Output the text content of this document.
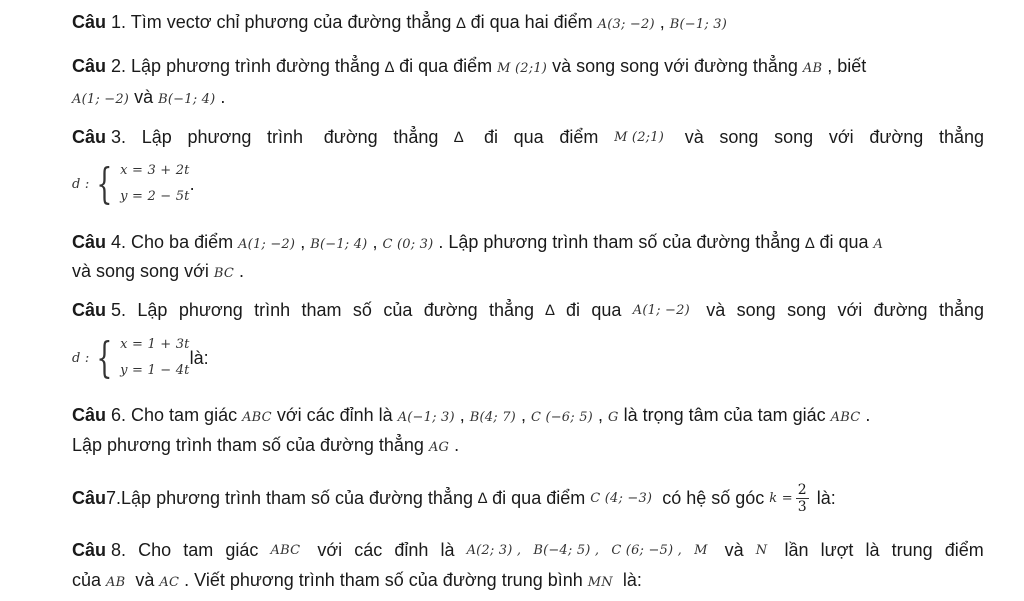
Câu 1. Tìm vectơ chỉ phương của đường thẳng ∆ đi qua hai điểm A(3; −2) , B(−1; 3)
Câu 2. Lập phương trình đường thẳng ∆ đi qua điểm M (2;1) và song song với đường thẳng AB , biết
A(1; −2) và B(−1; 4) .
Câu 3. Lập phương trình đường thẳng ∆ đi qua điểm M (2;1) và song song với đường thẳng
d : { x = 3 + 2t
y = 2 − 5t
.
Câu 4. Cho ba điểm A(1; −2) , B(−1; 4) , C (0; 3) . Lập phương trình tham số của đường thẳng ∆ đi qua A
và song song với BC .
Câu 5. Lập phương trình tham số của đường thẳng ∆ đi qua A(1; −2) và song song với đường thẳng
d : { x = 1 + 3t
y = 1 − 4t
là:
Câu 6. Cho tam giác ABC với các đỉnh là A(−1; 3) , B(4; 7) , C (−6; 5) , G là trọng tâm của tam giác ABC .
Lập phương trình tham số của đường thẳng AG .
Câu 7. Lập phương trình tham số của đường thẳng ∆ đi qua điểm C (4; −3) có hệ số góc $k = \frac{2}{3}$ là:
Câu 8. Cho tam giác ABC với các đỉnh là A(2; 3) , B(−4; 5) , C (6; −5) , M và N lần lượt là trung điểm
của AB  và AC . Viết phương trình tham số của đường trung bình MN  là:
